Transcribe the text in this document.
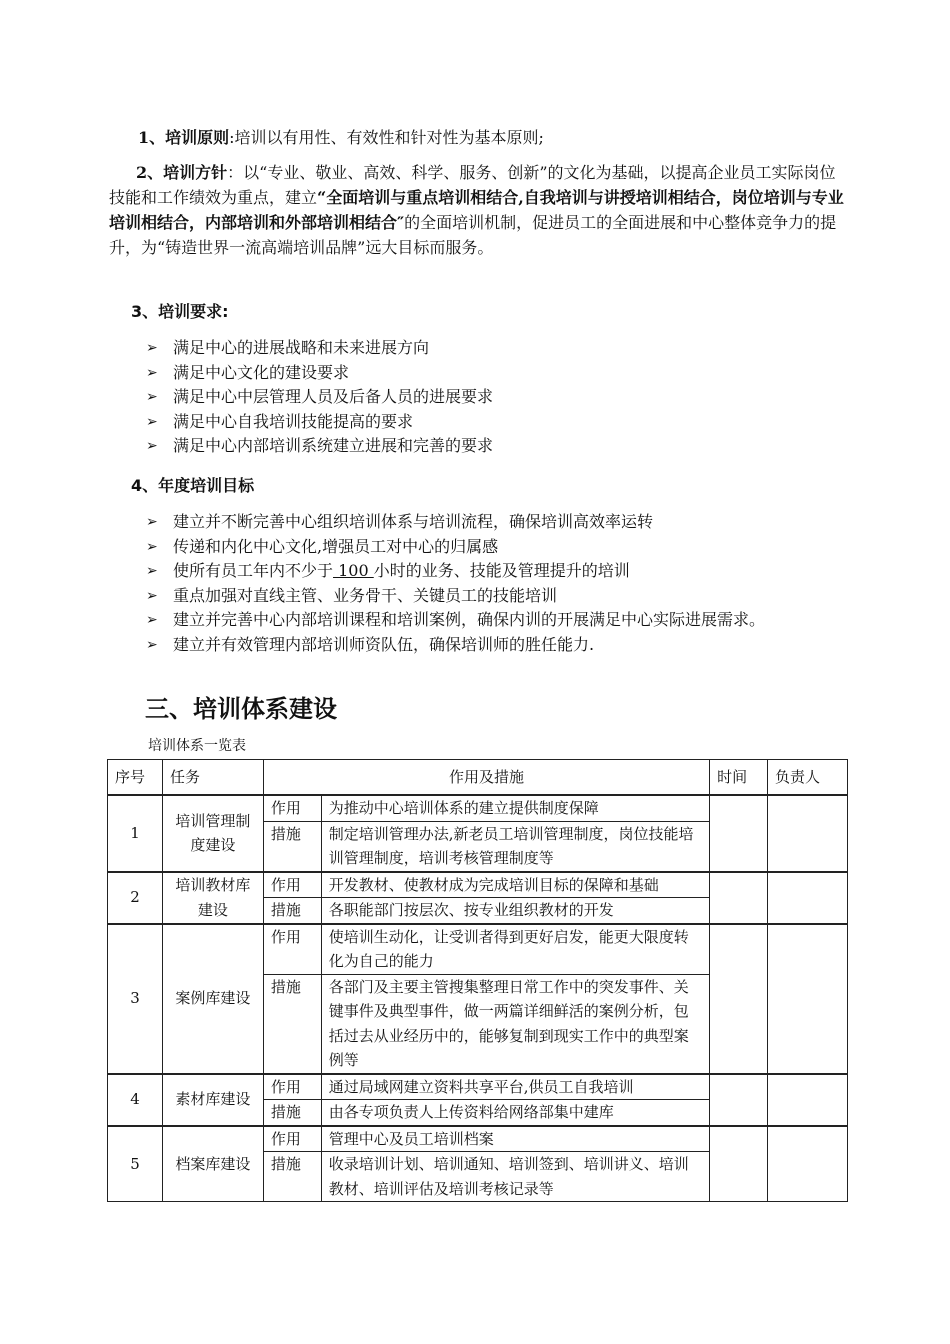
1、培训原则:培训以有用性、有效性和针对性为基本原则;
2、培训方针：以“专业、敬业、高效、科学、服务、创新”的文化为基础，以提高企业员工实际岗位技能和工作绩效为重点，建立“全面培训与重点培训相结合,自我培训与讲授培训相结合，岗位培训与专业培训相结合，内部培训和外部培训相结合″的全面培训机制，促进员工的全面进展和中心整体竞争力的提升，为“铸造世界一流高端培训品牌”远大目标而服务。
3、培训要求:
➢ 满足中心的进展战略和未来进展方向
➢ 满足中心文化的建设要求
➢ 满足中心中层管理人员及后备人员的进展要求
➢ 满足中心自我培训技能提高的要求
➢ 满足中心内部培训系统建立进展和完善的要求
4、年度培训目标
➢ 建立并不断完善中心组织培训体系与培训流程，确保培训高效率运转
➢ 传递和内化中心文化,增强员工对中心的归属感
➢ 使所有员工年内不少于 100 小时的业务、技能及管理提升的培训
➢ 重点加强对直线主管、业务骨干、关键员工的技能培训
➢ 建立并完善中心内部培训课程和培训案例，确保内训的开展满足中心实际进展需求。
➢ 建立并有效管理内部培训师资队伍，确保培训师的胜任能力.
三、培训体系建设
培训体系一览表
序号	任务	作用及措施		时间	负责人
1	培训管理制度建设	作用	为推动中心培训体系的建立提供制度保障		
		措施	制定培训管理办法,新老员工培训管理制度，岗位技能培训管理制度，培训考核管理制度等		
2	培训教材库建设	作用	开发教材、使教材成为完成培训目标的保障和基础		
		措施	各职能部门按层次、按专业组织教材的开发		
3	案例库建设	作用	使培训生动化，让受训者得到更好启发，能更大限度转化为自己的能力		
		措施	各部门及主要主管搜集整理日常工作中的突发事件、关键事件及典型事件，做一两篇详细鲜活的案例分析，包括过去从业经历中的，能够复制到现实工作中的典型案例等		
4	素材库建设	作用	通过局域网建立资料共享平台,供员工自我培训		
		措施	由各专项负责人上传资料给网络部集中建库		
5	档案库建设	作用	管理中心及员工培训档案		
		措施	收录培训计划、培训通知、培训签到、培训讲义、培训教材、培训评估及培训考核记录等		
